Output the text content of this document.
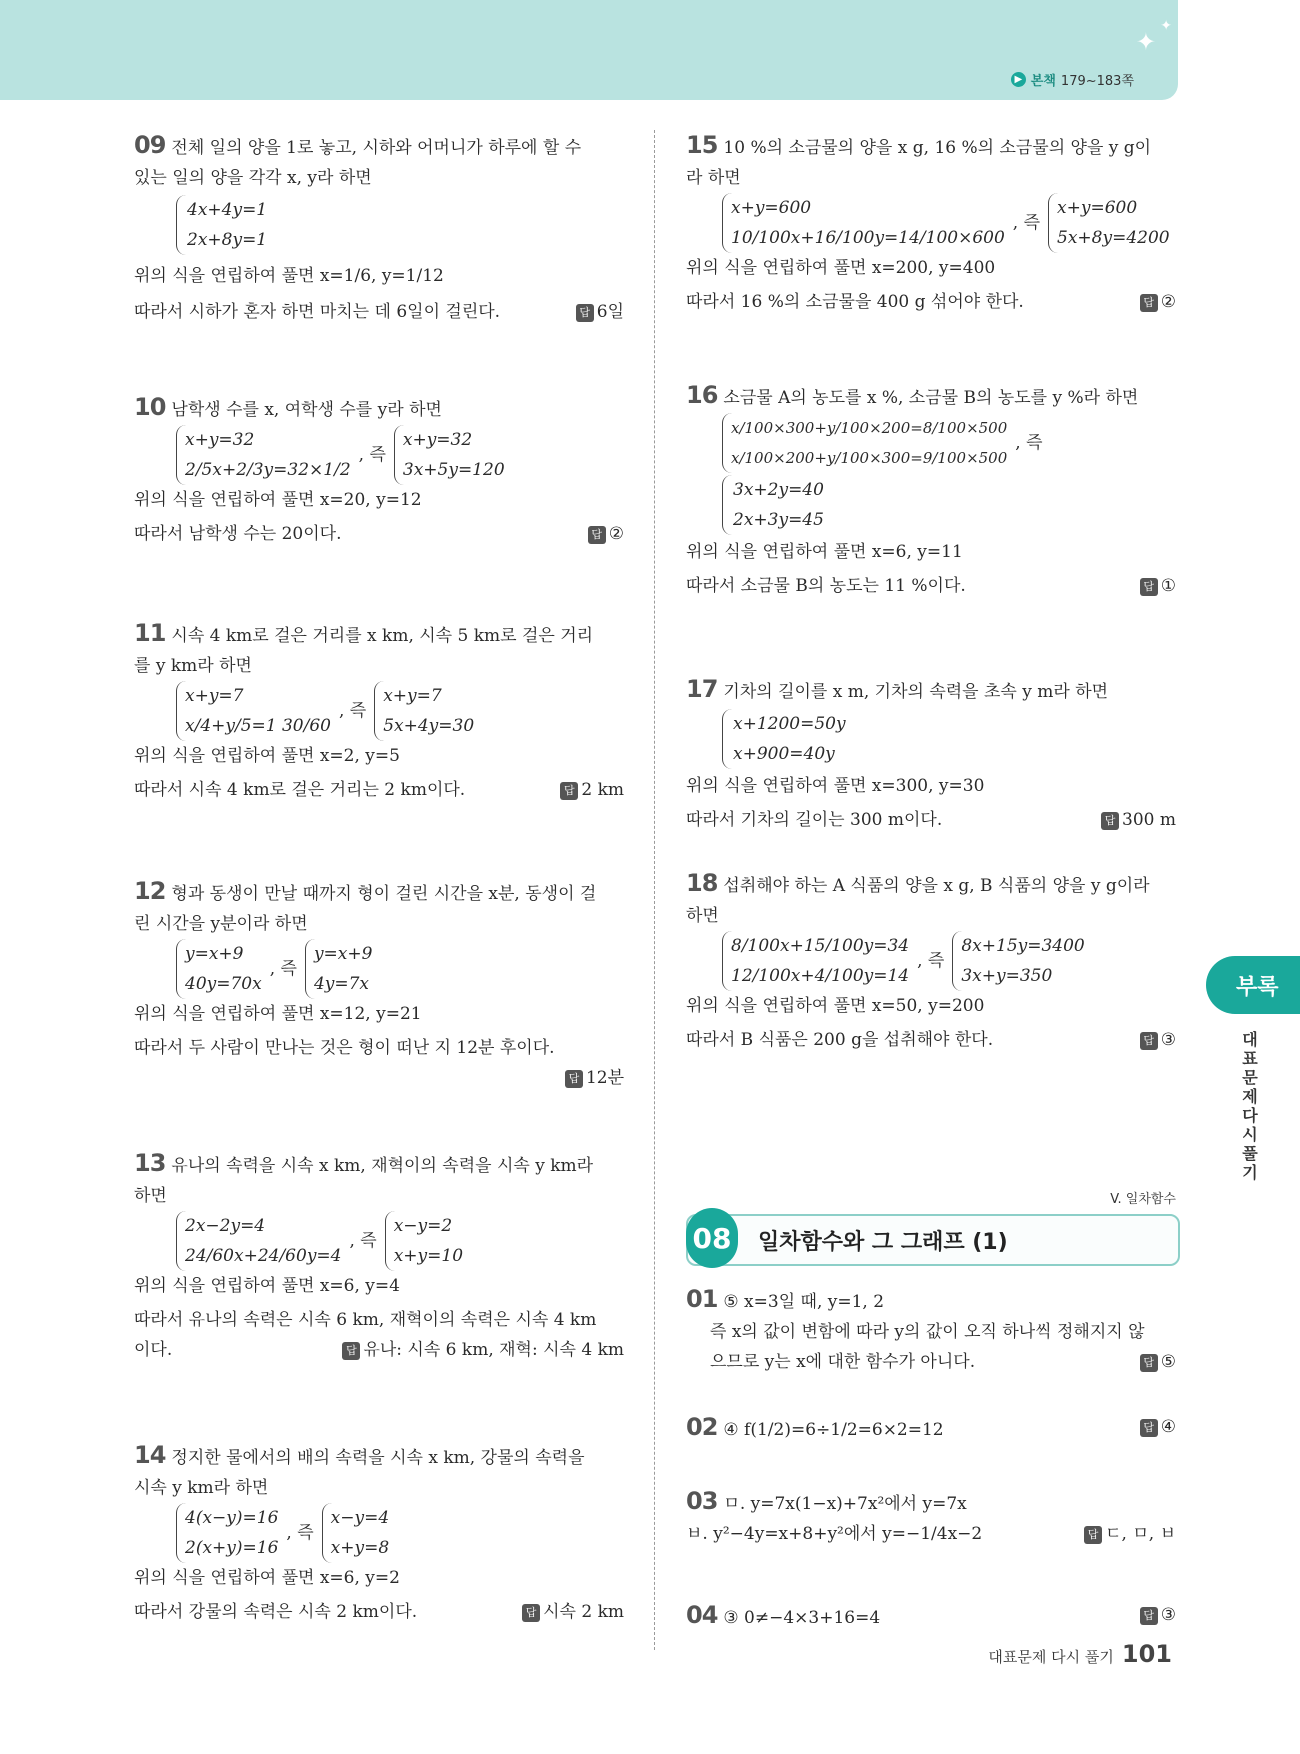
✦
✦
▶ 본책 179~183쪽
09 전체 일의 양을 1로 놓고, 시하와 어머니가 하루에 할 수
있는 일의 양을 각각 x, y라 하면
4x+4y=1
2x+8y=1
위의 식을 연립하여 풀면 x=1/6, y=1/12
따라서 시하가 혼자 하면 마치는 데 6일이 걸린다.	답 6일
10 남학생 수를 x, 여학생 수를 y라 하면
x+y=32
2/5x+2/3y=32×1/2
, 즉
x+y=32
3x+5y=120
위의 식을 연립하여 풀면 x=20, y=12
따라서 남학생 수는 20이다.	답 ②
11 시속 4 km로 걸은 거리를 x km, 시속 5 km로 걸은 거리
를 y km라 하면
x+y=7
x/4+y/5=1 30/60
, 즉
x+y=7
5x+4y=30
위의 식을 연립하여 풀면 x=2, y=5
따라서 시속 4 km로 걸은 거리는 2 km이다.	답 2 km
12 형과 동생이 만날 때까지 형이 걸린 시간을 x분, 동생이 걸
린 시간을 y분이라 하면
y=x+9
40y=70x
, 즉
y=x+9
4y=7x
위의 식을 연립하여 풀면 x=12, y=21
따라서 두 사람이 만나는 것은 형이 떠난 지 12분 후이다.
답 12분
13 유나의 속력을 시속 x km, 재혁이의 속력을 시속 y km라
하면
2x−2y=4
24/60x+24/60y=4
, 즉
x−y=2
x+y=10
위의 식을 연립하여 풀면 x=6, y=4
따라서 유나의 속력은 시속 6 km, 재혁이의 속력은 시속 4 km
이다.	답 유나: 시속 6 km, 재혁: 시속 4 km
14 정지한 물에서의 배의 속력을 시속 x km, 강물의 속력을
시속 y km라 하면
4(x−y)=16
2(x+y)=16
, 즉
x−y=4
x+y=8
위의 식을 연립하여 풀면 x=6, y=2
따라서 강물의 속력은 시속 2 km이다.	답 시속 2 km
15 10 %의 소금물의 양을 x g, 16 %의 소금물의 양을 y g이
라 하면
x+y=600
10/100x+16/100y=14/100×600
, 즉
x+y=600
5x+8y=4200
위의 식을 연립하여 풀면 x=200, y=400
따라서 16 %의 소금물을 400 g 섞어야 한다.	답 ②
16 소금물 A의 농도를 x %, 소금물 B의 농도를 y %라 하면
x/100×300+y/100×200=8/100×500
x/100×200+y/100×300=9/100×500
, 즉
3x+2y=40
2x+3y=45
위의 식을 연립하여 풀면 x=6, y=11
따라서 소금물 B의 농도는 11 %이다.	답 ①
17 기차의 길이를 x m, 기차의 속력을 초속 y m라 하면
x+1200=50y
x+900=40y
위의 식을 연립하여 풀면 x=300, y=30
따라서 기차의 길이는 300 m이다.	답 300 m
18 섭취해야 하는 A 식품의 양을 x g, B 식품의 양을 y g이라
하면
8/100x+15/100y=34
12/100x+4/100y=14
, 즉
8x+15y=3400
3x+y=350
위의 식을 연립하여 풀면 x=50, y=200
따라서 B 식품은 200 g을 섭취해야 한다.	답 ③
V. 일차함수
08 일차함수와 그 그래프 (1)
01 ⑤ x=3일 때, y=1, 2
즉 x의 값이 변함에 따라 y의 값이 오직 하나씩 정해지지 않
으므로 y는 x에 대한 함수가 아니다.	답 ⑤
02 ④ f(1/2)=6÷1/2=6×2=12	답 ④
03 ㅁ. y=7x(1−x)+7x²에서 y=7x
ㅂ. y²−4y=x+8+y²에서 y=−1/4x−2	답 ㄷ, ㅁ, ㅂ
04 ③ 0≠−4×3+16=4	답 ③
부록
대표문제다시풀기
대표문제 다시 풀기 101
